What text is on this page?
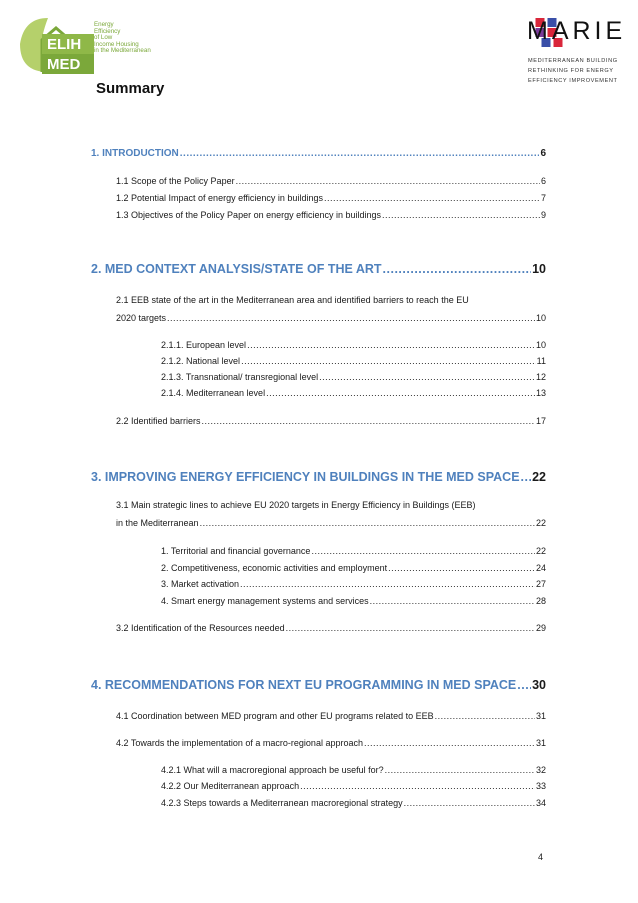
ELIH
MED
Energy
Efficiency
of Low
Income Housing
in the Mediterranean
MARIE
MEDITERRANEAN BUILDING
RETHINKING FOR ENERGY
EFFICIENCY IMPROVEMENT
Summary
1. INTRODUCTION .....	6
1.1 Scope of the Policy Paper .....	6
1.2 Potential Impact of energy efficiency in buildings .....	7
1.3 Objectives of the Policy Paper on energy efficiency in buildings .....	9
2. MED CONTEXT ANALYSIS/STATE OF THE ART .....	10
2.1 EEB state of the art in the Mediterranean area and identified barriers to reach the EU
2020 targets .....	10
2.1.1. European level .....	10
2.1.2. National level .....	11
2.1.3. Transnational/ transregional level .....	12
2.1.4. Mediterranean level .....	13
2.2 Identified barriers .....	17
3. IMPROVING ENERGY EFFICIENCY IN BUILDINGS IN THE MED SPACE ..... 22
3.1 Main strategic lines to achieve EU 2020 targets in Energy Efficiency in Buildings (EEB)
in the Mediterranean .....	22
1. Territorial and financial governance .....	22
2. Competitiveness, economic activities and employment .....	24
3. Market activation .....	27
4. Smart energy management systems and services .....	28
3.2 Identification of the Resources needed .....	29
4. RECOMMENDATIONS FOR NEXT EU PROGRAMMING IN MED SPACE ..... 30
4.1 Coordination between MED program and other EU programs related to EEB .....	31
4.2 Towards the implementation of a macro-regional approach .....	31
4.2.1 What will a macroregional approach be useful for? .....	32
4.2.2 Our Mediterranean approach .....	33
4.2.3 Steps towards a Mediterranean macroregional strategy .....	34
4
